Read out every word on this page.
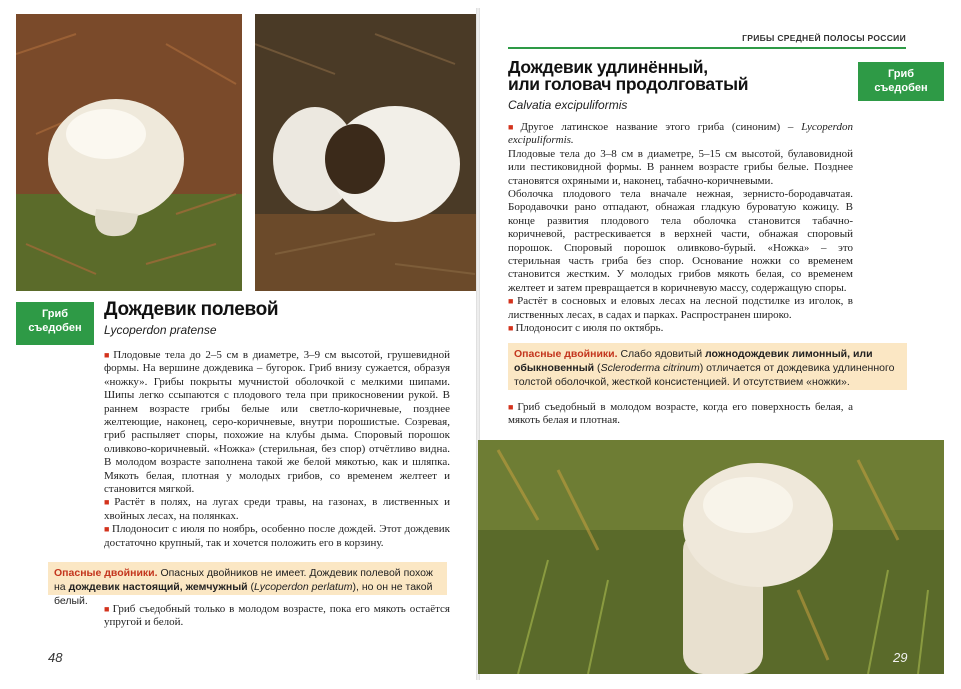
Гриб
съедобен
Дождевик полевой
Lycoperdon pratense

■ Плодовые тела до 2–5 см в диаметре, 3–9 см высотой, грушевидной формы. На вершине дождевика – бугорок. Гриб внизу сужается, образуя «ножку». Грибы покрыты мучнистой оболочкой с мелкими шипами. Шипы легко ссыпаются с плодового тела при прикосновении рукой. В раннем возрасте грибы белые или светло-коричневые, позднее желтеющие, наконец, серо-коричневые, внутри порошистые. Созревая, гриб распыляет споры, похожие на клубы дыма. Споровый порошок оливково-коричневый. «Ножка» (стерильная, без спор) отчётливо видна. В молодом возрасте заполнена такой же белой мякотью, как и шляпка. Мякоть белая, плотная у молодых грибов, со временем желтеет и становится мягкой.

■ Растёт в полях, на лугах среди травы, на газонах, в лиственных и хвойных лесах, на полянках.

■ Плодоносит с июля по ноябрь, особенно после дождей. Этот дождевик достаточно крупный, так и хочется положить его в корзину.

Опасные двойники. Опасных двойников не имеет. Дождевик полевой похож на дождевик настоящий, жемчужный (Lycoperdon perlatum), но он не такой белый.

■ Гриб съедобный только в молодом возрасте, пока его мякоть остаётся упругой и белой.

48
ГРИБЫ СРЕДНЕЙ ПОЛОСЫ РОССИИ
Гриб
съедобен
Дождевик удлинённый,
или головач продолговатый
Calvatia excipuliformis

■ Другое латинское название этого гриба (синоним) – Lycoperdon excipuliformis.

Плодовые тела до 3–8 см в диаметре, 5–15 см высотой, булавовидной или пестиковидной формы. В раннем возрасте грибы белые. Позднее становятся охряными и, наконец, табачно-коричневыми.

Оболочка плодового тела вначале нежная, зернисто-бородавчатая. Бородавочки рано отпадают, обнажая гладкую буроватую кожицу. В конце развития плодового тела оболочка становится табачно-коричневой, растрескивается в верхней части, обнажая споровый порошок. Споровый порошок оливково-бурый. «Ножка» – это стерильная часть гриба без спор. Основание ножки со временем становится жестким. У молодых грибов мякоть белая, со временем желтеет и затем превращается в коричневую массу, содержащую споры.

■ Растёт в сосновых и еловых лесах на лесной подстилке из иголок, в лиственных лесах, в садах и парках. Распространен широко.

■ Плодоносит с июля по октябрь.

Опасные двойники. Слабо ядовитый ложнодождевик лимонный, или обыкновенный (Scleroderma citrinum) отличается от дождевика удлиненного толстой оболочкой, жесткой консистенцией. И отсутствием «ножки».

■ Гриб съедобный в молодом возрасте, когда его поверхность белая, а мякоть белая и плотная.

29
